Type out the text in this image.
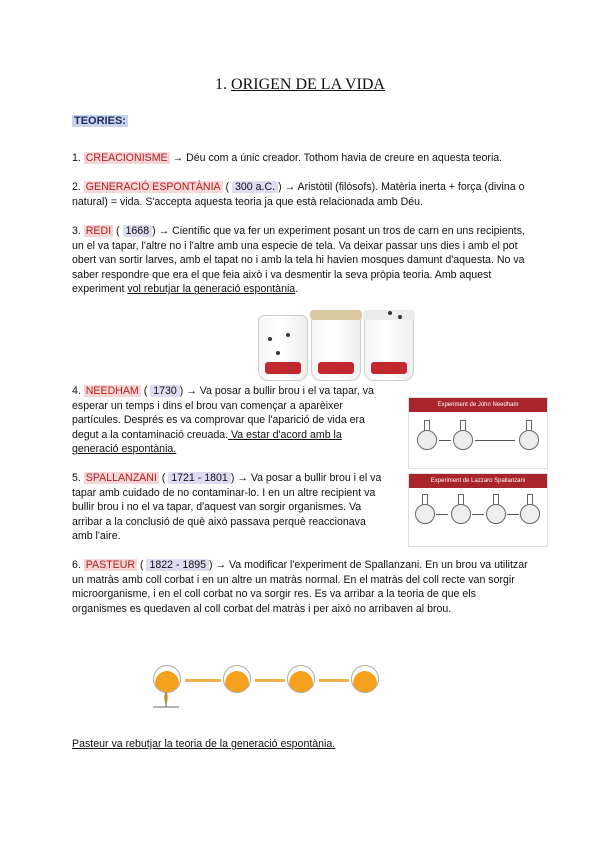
1. ORIGEN DE LA VIDA
TEORIES:
1. CREACIONISME → Déu com a únic creador. Tothom havia de creure en aquesta teoria.
2. GENERACIÓ ESPONTÀNIA ( 300 a.C. ) → Aristòtil (filòsofs). Matèria inerta + força (divina o natural) = vida. S'accepta aquesta teoria ja que està relacionada amb Déu.
3. REDI ( 1668 ) → Científic que va fer un experiment posant un tros de carn en uns recipients, un el va tapar, l'altre no i l'altre amb una especie de tela. Va deixar passar uns dies i amb el pot obert van sortir larves, amb el tapat no i amb la tela hi havien mosques damunt d'aquesta. No va saber respondre que era el que feia això i va desmentir la seva pròpia teoria. Amb aquest experiment vol rebutjar la generació espontània.
4. NEEDHAM ( 1730 ) → Va posar a bullir brou i el va tapar, va esperar un temps i dins el brou van començar a aparèixer partícules. Després es va comprovar que l'aparició de vida era degut a la contaminació creuada. Va estar d'acord amb la generació espontània.
Experiment de John Needham
5. SPALLANZANI ( 1721 - 1801 ) → Va posar a bullir brou i el va tapar amb cuidado de no contaminar-lo. I en un altre recipient va bullir brou i no el va tapar, d'aquest van sorgir organismes. Va arribar a la conclusió de què això passava perquè reaccionava amb l'aire.
Experiment de Lazzaro Spallanzani
6. PASTEUR ( 1822 - 1895 ) → Va modificar l'experiment de Spallanzani. En un brou va utilitzar un matràs amb coll corbat i en un altre un matràs normal. En el matràs del coll recte van sorgir microorganisme, i en el coll corbat no va sorgir res. Es va arribar a la teoria de que els organismes es quedaven al coll corbat del matràs i per això no arribaven al brou.
Pasteur va rebutjar la teoria de la generació espontània.
